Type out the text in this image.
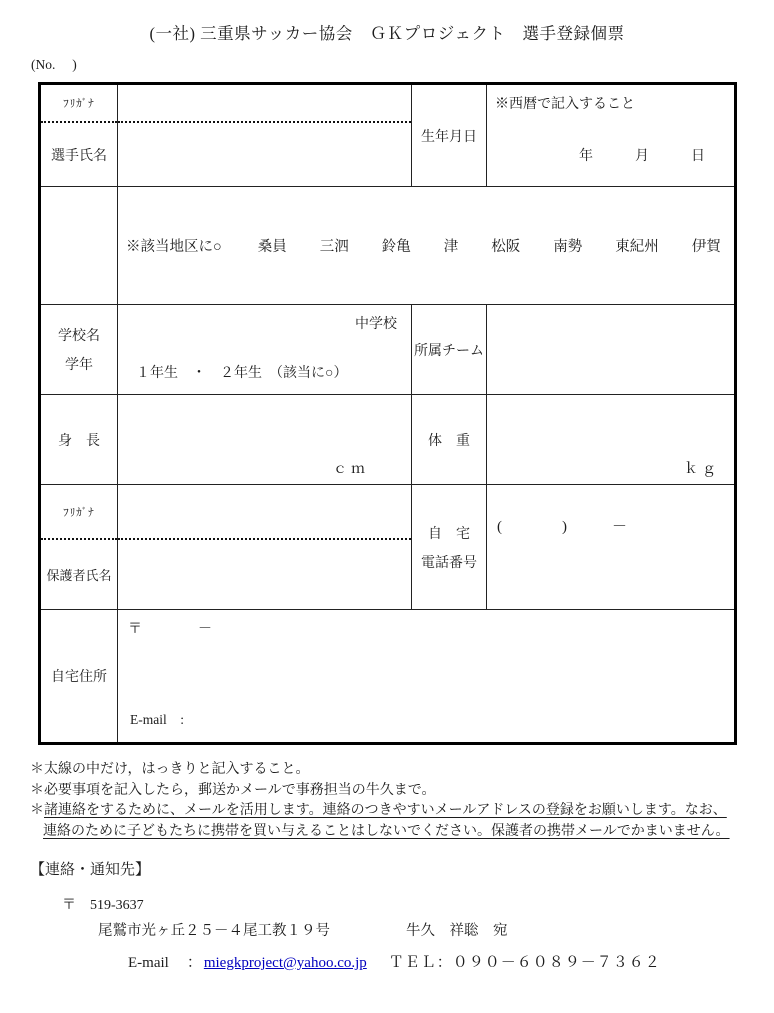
(一社) 三重県サッカー協会　ＧＫプロジェクト　選手登録個票
(No.　 )
ﾌﾘｶﾞﾅ
選手氏名
生年月日
※西暦で記入すること
年　　　月　　　日
※該当地区に○ 桑員 三泗 鈴亀 津 松阪 南勢 東紀州 伊賀
学校名
学年
中学校
１年生　・　２年生　（該当に○）
所属チーム
身　長
ｃｍ
体　重
ｋｇ
ﾌﾘｶﾞﾅ
保護者氏名
自　宅
電話番号
(　　　　)　　　－
自宅住所
〒　　　　－
E-mail　:
＊太線の中だけ，はっきりと記入すること。
＊必要事項を記入したら，郵送かメールで事務担当の牛久まで。
＊諸連絡をするために、メールを活用します。連絡のつきやすいメールアドレスの登録をお願いします。なお、
連絡のために子どもたちに携帯を買い与えることはしないでください。保護者の携帯メールでかまいません。
【連絡・通知先】
〒　519-3637
尾鷲市光ヶ丘２５－４尾工教１９号	牛久　祥聡　宛
E-mail ： miegkproject@yahoo.co.jp ＴＥＬ：０９０－６０８９－７３６２
